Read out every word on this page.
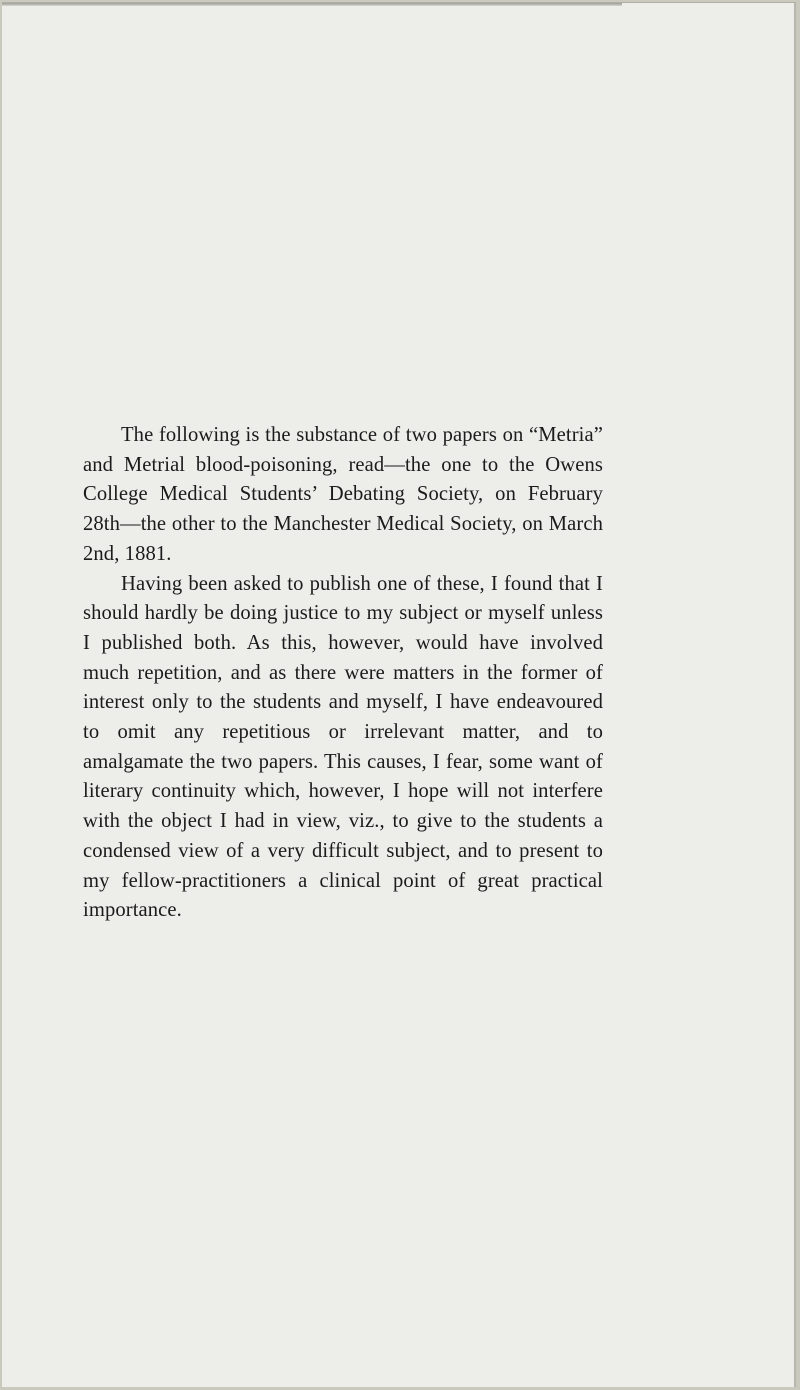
The following is the substance of two papers on “Metria” and Metrial blood-poisoning, read—the one to the Owens College Medical Students’ Debating Society, on February 28th—the other to the Manchester Medical Society, on March 2nd, 1881.

Having been asked to publish one of these, I found that I should hardly be doing justice to my subject or myself unless I published both. As this, however, would have involved much repetition, and as there were matters in the former of interest only to the students and myself, I have endeavoured to omit any repetitious or irrelevant matter, and to amalgamate the two papers. This causes, I fear, some want of literary continuity which, however, I hope will not interfere with the object I had in view, viz., to give to the students a condensed view of a very difficult subject, and to present to my fellow-practitioners a clinical point of great practical importance.
